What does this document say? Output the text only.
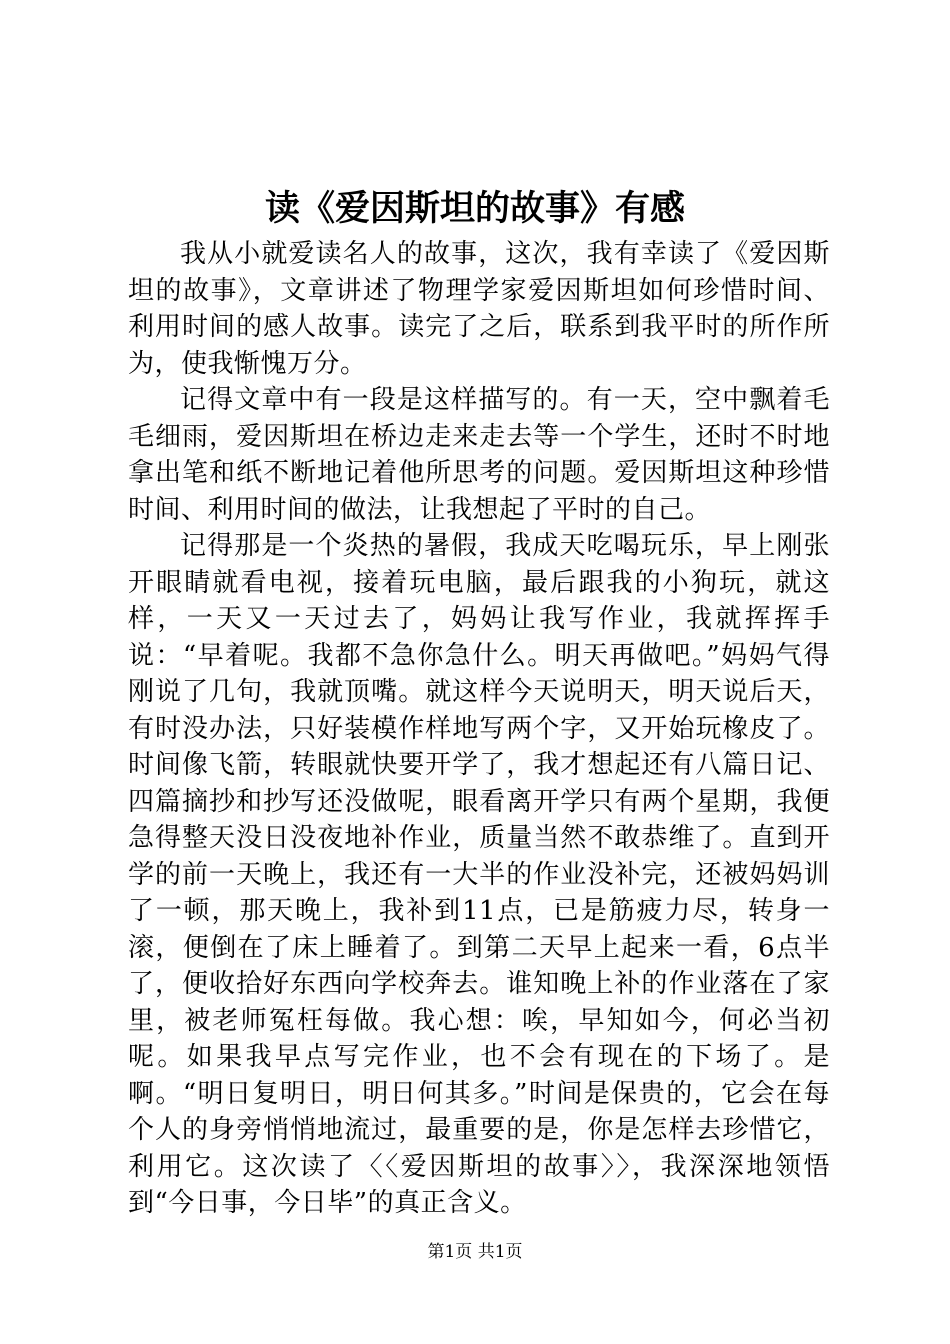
读《爱因斯坦的故事》有感

我从小就爱读名人的故事，这次，我有幸读了《爱因斯坦的故事》，文章讲述了物理学家爱因斯坦如何珍惜时间、利用时间的感人故事。读完了之后，联系到我平时的所作所为，使我惭愧万分。

记得文章中有一段是这样描写的。有一天，空中飘着毛毛细雨，爱因斯坦在桥边走来走去等一个学生，还时不时地拿出笔和纸不断地记着他所思考的问题。爱因斯坦这种珍惜时间、利用时间的做法，让我想起了平时的自己。

记得那是一个炎热的暑假，我成天吃喝玩乐，早上刚张开眼睛就看电视，接着玩电脑，最后跟我的小狗玩，就这样，一天又一天过去了，妈妈让我写作业，我就挥挥手说：“早着呢。我都不急你急什么。明天再做吧。”妈妈气得刚说了几句，我就顶嘴。就这样今天说明天，明天说后天，有时没办法，只好装模作样地写两个字，又开始玩橡皮了。时间像飞箭，转眼就快要开学了，我才想起还有八篇日记、四篇摘抄和抄写还没做呢，眼看离开学只有两个星期，我便急得整天没日没夜地补作业，质量当然不敢恭维了。直到开学的前一天晚上，我还有一大半的作业没补完，还被妈妈训了一顿，那天晚上，我补到11点，已是筋疲力尽，转身一滚，便倒在了床上睡着了。到第二天早上起来一看，6点半了，便收拾好东西向学校奔去。谁知晚上补的作业落在了家里，被老师冤枉每做。我心想：唉，早知如今，何必当初呢。如果我早点写完作业，也不会有现在的下场了。是啊。“明日复明日，明日何其多。”时间是保贵的，它会在每个人的身旁悄悄地流过，最重要的是，你是怎样去珍惜它，利用它。这次读了〈〈爱因斯坦的故事〉〉，我深深地领悟到“今日事，今日毕”的真正含义。

第1页 共1页
